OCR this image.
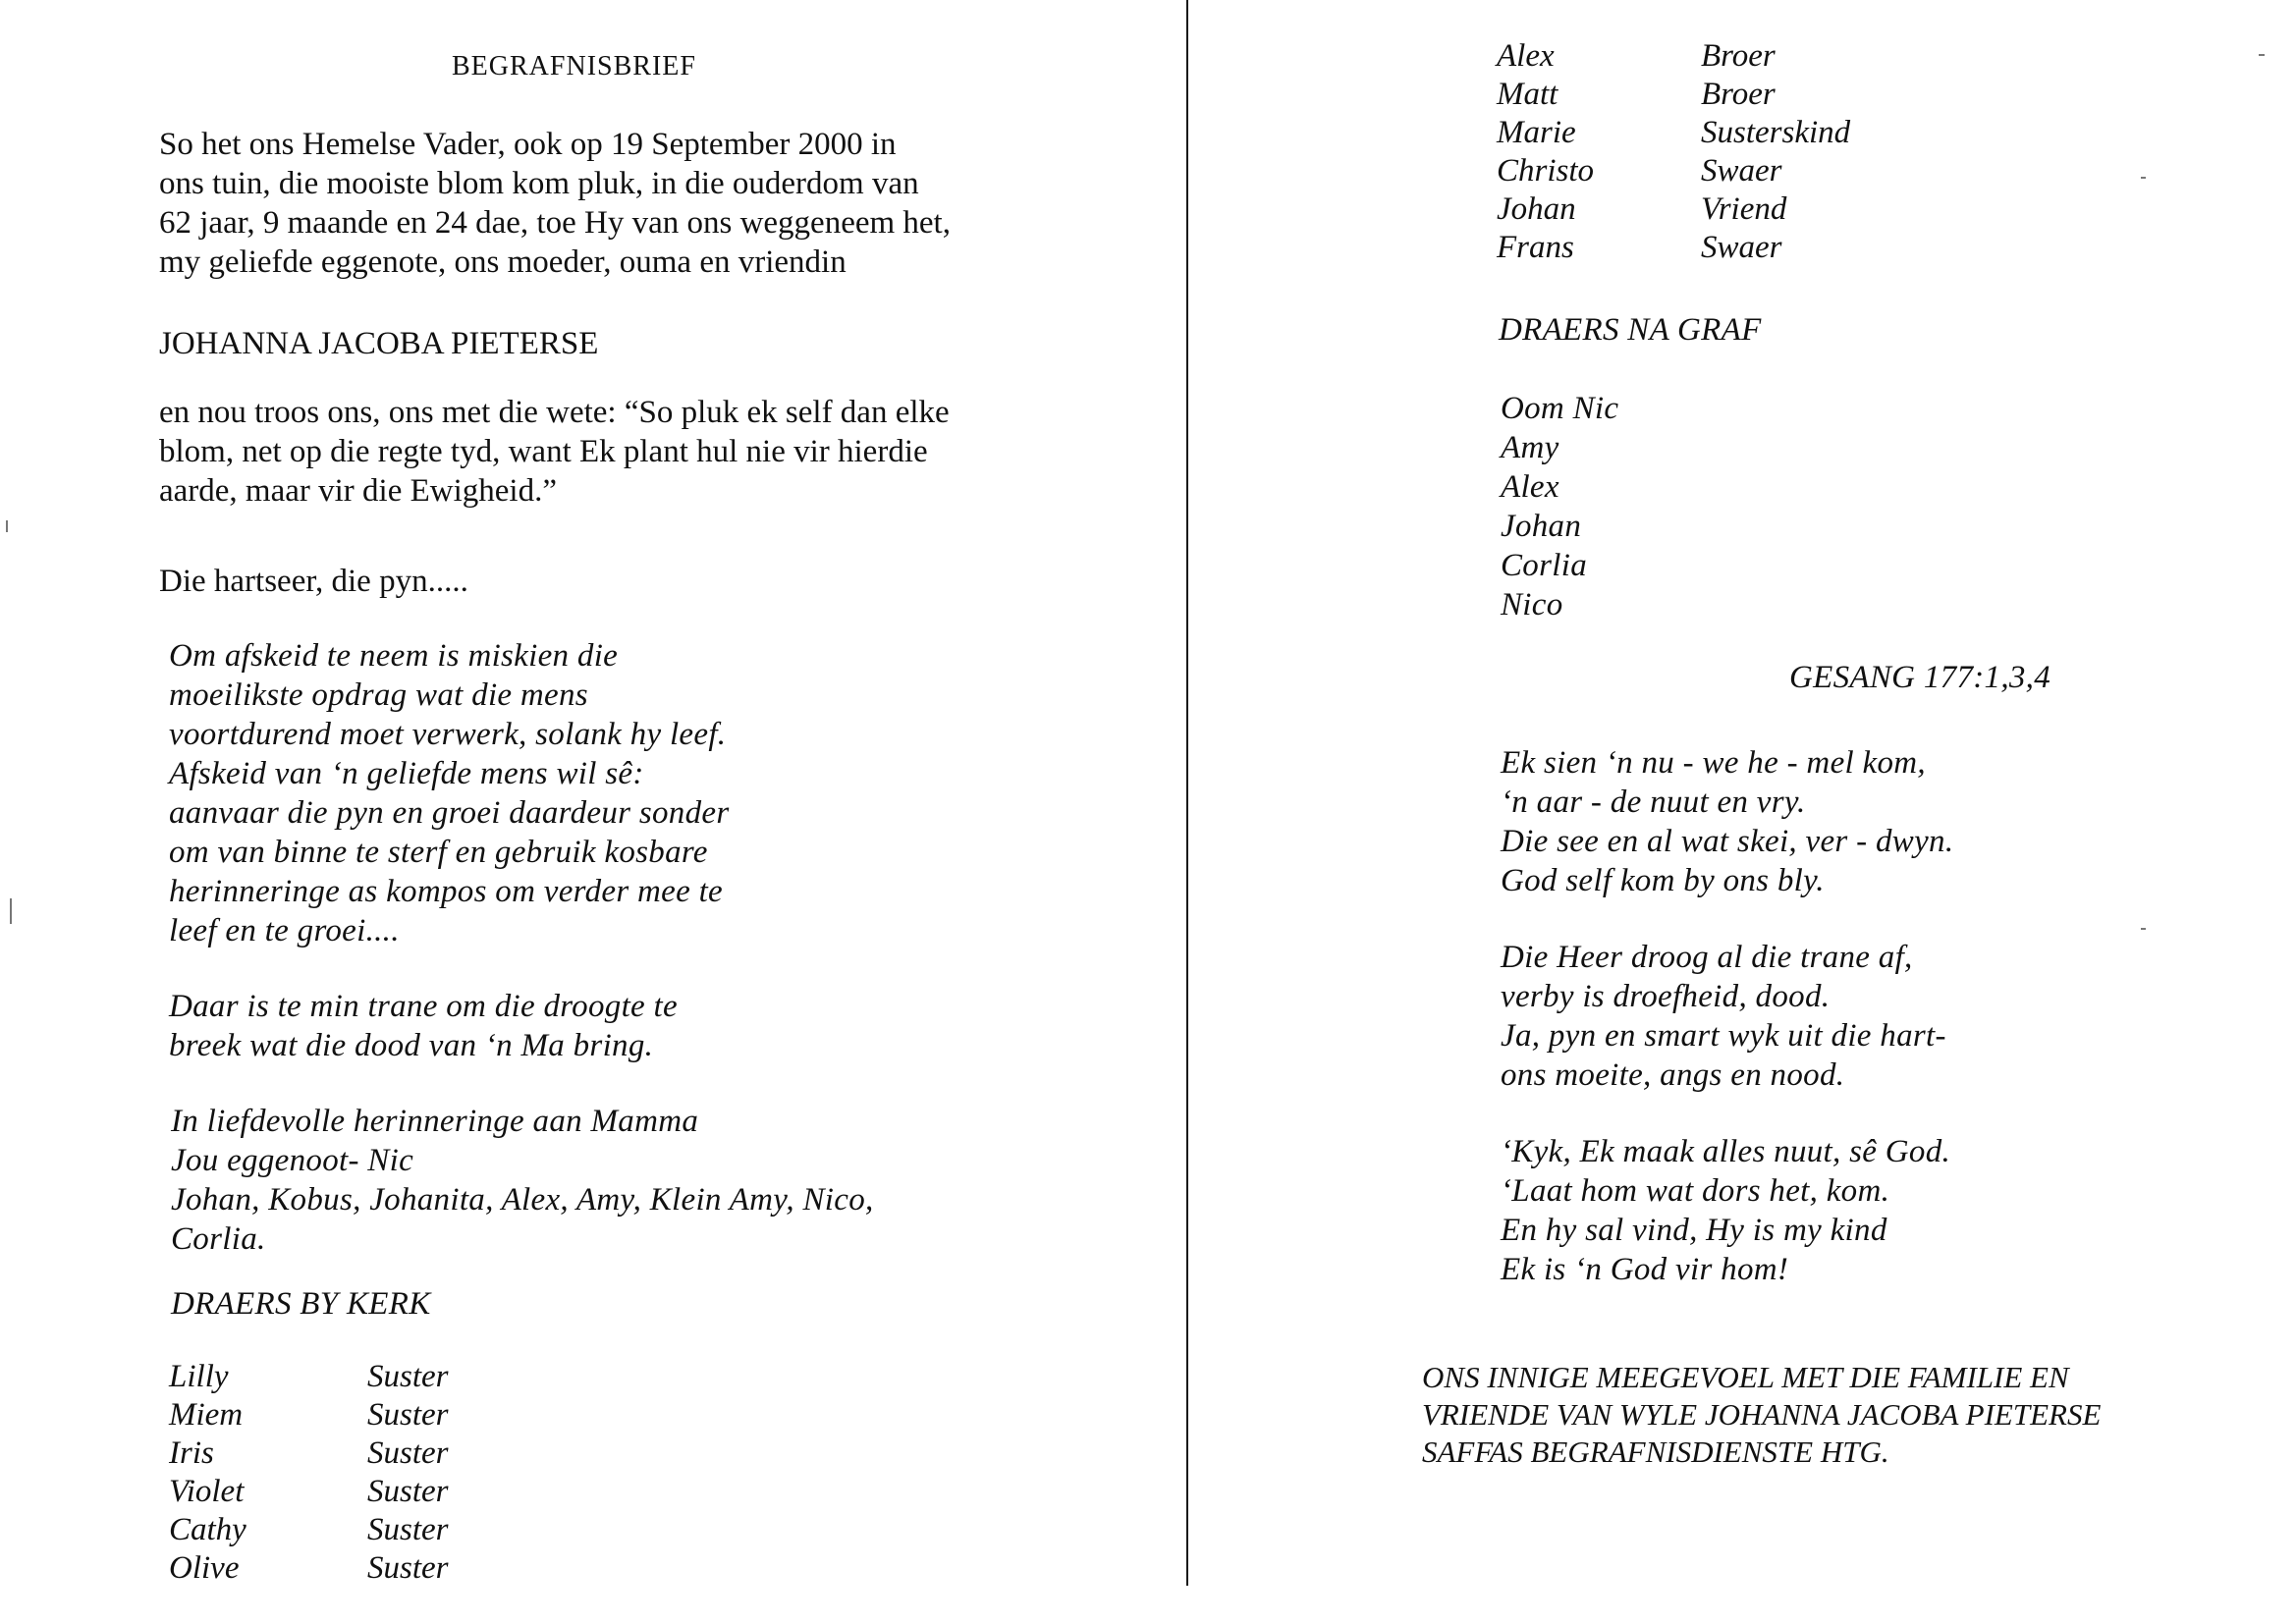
BEGRAFNISBRIEF
So het ons Hemelse Vader, ook op 19 September 2000 in
ons tuin, die mooiste blom kom pluk, in die ouderdom van
62 jaar, 9 maande en 24 dae, toe Hy van ons weggeneem het,
my geliefde eggenote, ons moeder, ouma en vriendin
JOHANNA JACOBA PIETERSE
en nou troos ons, ons met die wete: “So pluk ek self dan elke
blom, net op die regte tyd, want Ek plant hul nie vir hierdie
aarde, maar vir die Ewigheid.”
Die hartseer, die pyn.....
Om afskeid te neem is miskien die
moeilikste opdrag wat die mens
voortdurend moet verwerk, solank hy leef.
Afskeid van ‘n geliefde mens wil sê:
aanvaar die pyn en groei daardeur sonder
om van binne te sterf en gebruik kosbare
herinneringe as kompos om verder mee te
leef en te groei....
Daar is te min trane om die droogte te
breek wat die dood van ‘n Ma bring.
In liefdevolle herinneringe aan Mamma
Jou eggenoot- Nic
Johan, Kobus, Johanita, Alex, Amy, Klein Amy, Nico,
Corlia.
DRAERS BY KERK
Lilly	Suster
Miem	Suster
Iris	Suster
Violet	Suster
Cathy	Suster
Olive	Suster
Alex	Broer
Matt	Broer
Marie	Susterskind
Christo	Swaer
Johan	Vriend
Frans	Swaer
DRAERS NA GRAF
Oom Nic
Amy
Alex
Johan
Corlia
Nico
GESANG 177:1,3,4
Ek sien ‘n nu - we he - mel kom,
‘n aar - de nuut en vry.
Die see en al wat skei, ver - dwyn.
God self kom by ons bly.
Die Heer droog al die trane af,
verby is droefheid, dood.
Ja, pyn en smart wyk uit die hart-
ons moeite, angs en nood.
‘Kyk, Ek maak alles nuut, sê God.
‘Laat hom wat dors het, kom.
En hy sal vind, Hy is my kind
Ek is ‘n God vir hom!
ONS INNIGE MEEGEVOEL MET DIE FAMILIE EN
VRIENDE VAN WYLE JOHANNA JACOBA PIETERSE
SAFFAS BEGRAFNISDIENSTE HTG.
